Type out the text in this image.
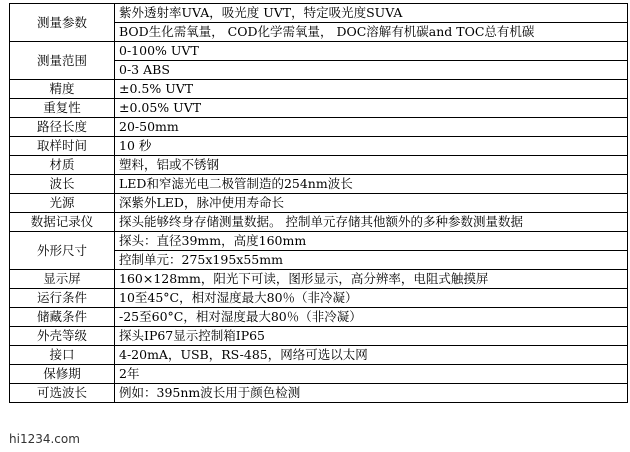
测量参数	紫外透射率UVA，吸光度 UVT，特定吸光度SUVA
	BOD生化需氧量， COD化学需氧量， DOC溶解有机碳and TOC总有机碳
测量范围	0-100% UVT
	0-3 ABS
精度	±0.5% UVT
重复性	±0.05% UVT
路径长度	20-50mm
取样时间	10 秒
材质	塑料，铝或不锈钢
波长	LED和窄滤光电二极管制造的254nm波长
光源	深紫外LED，脉冲使用寿命长
数据记录仪	探头能够终身存储测量数据。 控制单元存储其他额外的多种参数测量数据
外形尺寸	探头：直径39mm，高度160mm
	控制单元：275x195x55mm
显示屏	160×128mm，阳光下可读，图形显示，高分辨率，电阻式触摸屏
运行条件	10至45°C，相对湿度最大80％（非冷凝）
储藏条件	-25至60°C，相对湿度最大80％（非冷凝）
外壳等级	探头IP67显示控制箱IP65
接口	4-20mA，USB，RS-485，网络可选以太网
保修期	2年
可选波长	例如：395nm波长用于颜色检测
hi1234.com
